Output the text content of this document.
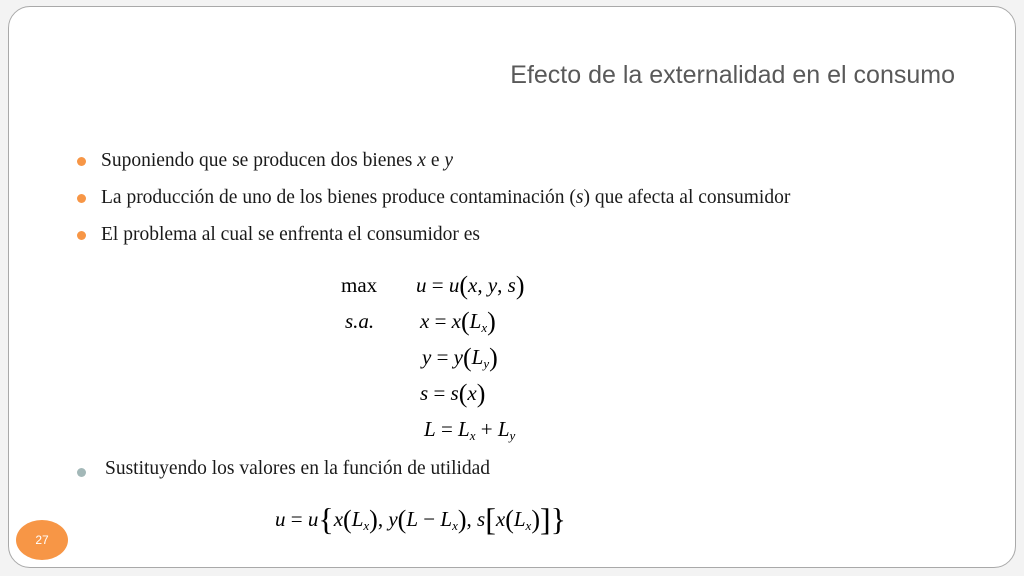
Efecto de la externalidad en el consumo
Suponiendo que se producen dos bienes x e y
La producción de uno de los bienes produce contaminación (s) que afecta al consumidor
El problema al cual se enfrenta el consumidor es
max u = u(x, y, s)
s.a. $x = x(L_x)$
$y = y(L_y)$
s = s(x)
$L = L_x + L_y$
Sustituyendo los valores en la función de utilidad
$u = u\{x(L_x)$, $y(L - L_x)$, $s[x(L_x)]$}
27
